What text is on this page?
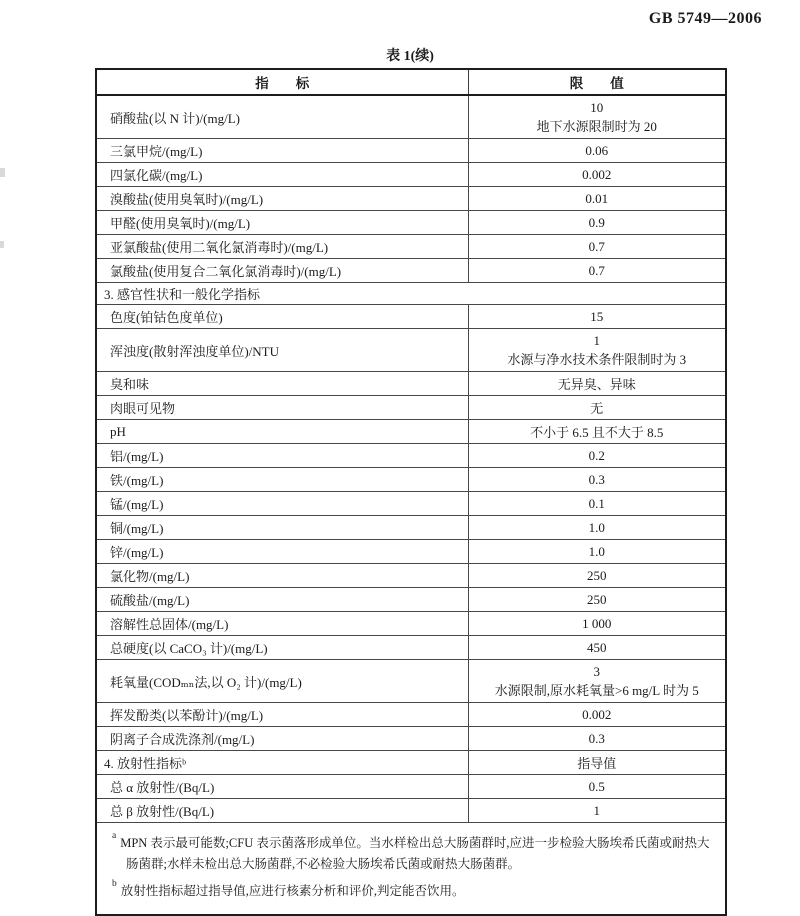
GB 5749—2006
表 1(续)
指　　标	限　　值
硝酸盐(以 N 计)/(mg/L)	10
地下水源限制时为 20

三氯甲烷/(mg/L)	0.06

四氯化碳/(mg/L)	0.002

溴酸盐(使用臭氧时)/(mg/L)	0.01

甲醛(使用臭氧时)/(mg/L)	0.9

亚氯酸盐(使用二氧化氯消毒时)/(mg/L)	0.7

氯酸盐(使用复合二氧化氯消毒时)/(mg/L)	0.7

3. 感官性状和一般化学指标	
色度(铂钴色度单位)	15

浑浊度(散射浑浊度单位)/NTU	1
水源与净水技术条件限制时为 3

臭和味	无异臭、异味

肉眼可见物	无

pH	不小于 6.5 且不大于 8.5

铝/(mg/L)	0.2

铁/(mg/L)	0.3

锰/(mg/L)	0.1

铜/(mg/L)	1.0

锌/(mg/L)	1.0

氯化物/(mg/L)	250

硫酸盐/(mg/L)	250

溶解性总固体/(mg/L)	1 000

总硬度(以 CaCO₃ 计)/(mg/L)	450

耗氧量(CODₘₙ法,以 O₂ 计)/(mg/L)	3
水源限制,原水耗氧量>6 mg/L 时为 5

挥发酚类(以苯酚计)/(mg/L)	0.002

阴离子合成洗涤剂/(mg/L)	0.3

4. 放射性指标ᵇ	指导值

总 α 放射性/(Bq/L)	0.5

总 β 放射性/(Bq/L)	1

$^a$MPN 表示最可能数;CFU 表示菌落形成单位。当水样检出总大肠菌群时,应进一步检验大肠埃希氏菌或耐热大肠菌群;水样未检出总大肠菌群,不必检验大肠埃希氏菌或耐热大肠菌群。

$^b$放射性指标超过指导值,应进行核素分析和评价,判定能否饮用。	
